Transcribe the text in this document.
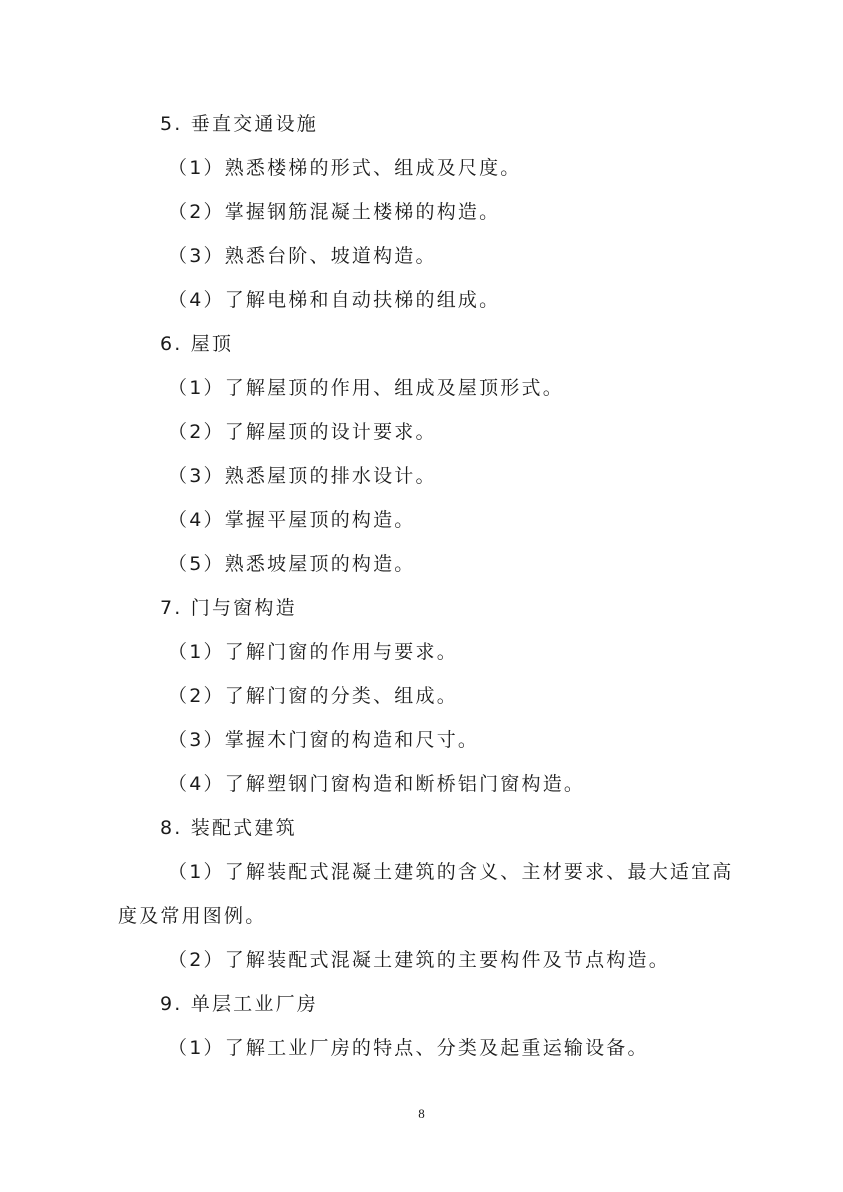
5. 垂直交通设施
（1）熟悉楼梯的形式、组成及尺度。
（2）掌握钢筋混凝土楼梯的构造。
（3）熟悉台阶、坡道构造。
（4）了解电梯和自动扶梯的组成。
6. 屋顶
（1）了解屋顶的作用、组成及屋顶形式。
（2）了解屋顶的设计要求。
（3）熟悉屋顶的排水设计。
（4）掌握平屋顶的构造。
（5）熟悉坡屋顶的构造。
7. 门与窗构造
（1）了解门窗的作用与要求。
（2）了解门窗的分类、组成。
（3）掌握木门窗的构造和尺寸。
（4）了解塑钢门窗构造和断桥铝门窗构造。
8. 装配式建筑
（1）了解装配式混凝土建筑的含义、主材要求、最大适宜高
度及常用图例。
（2）了解装配式混凝土建筑的主要构件及节点构造。
9. 单层工业厂房
（1）了解工业厂房的特点、分类及起重运输设备。
8
